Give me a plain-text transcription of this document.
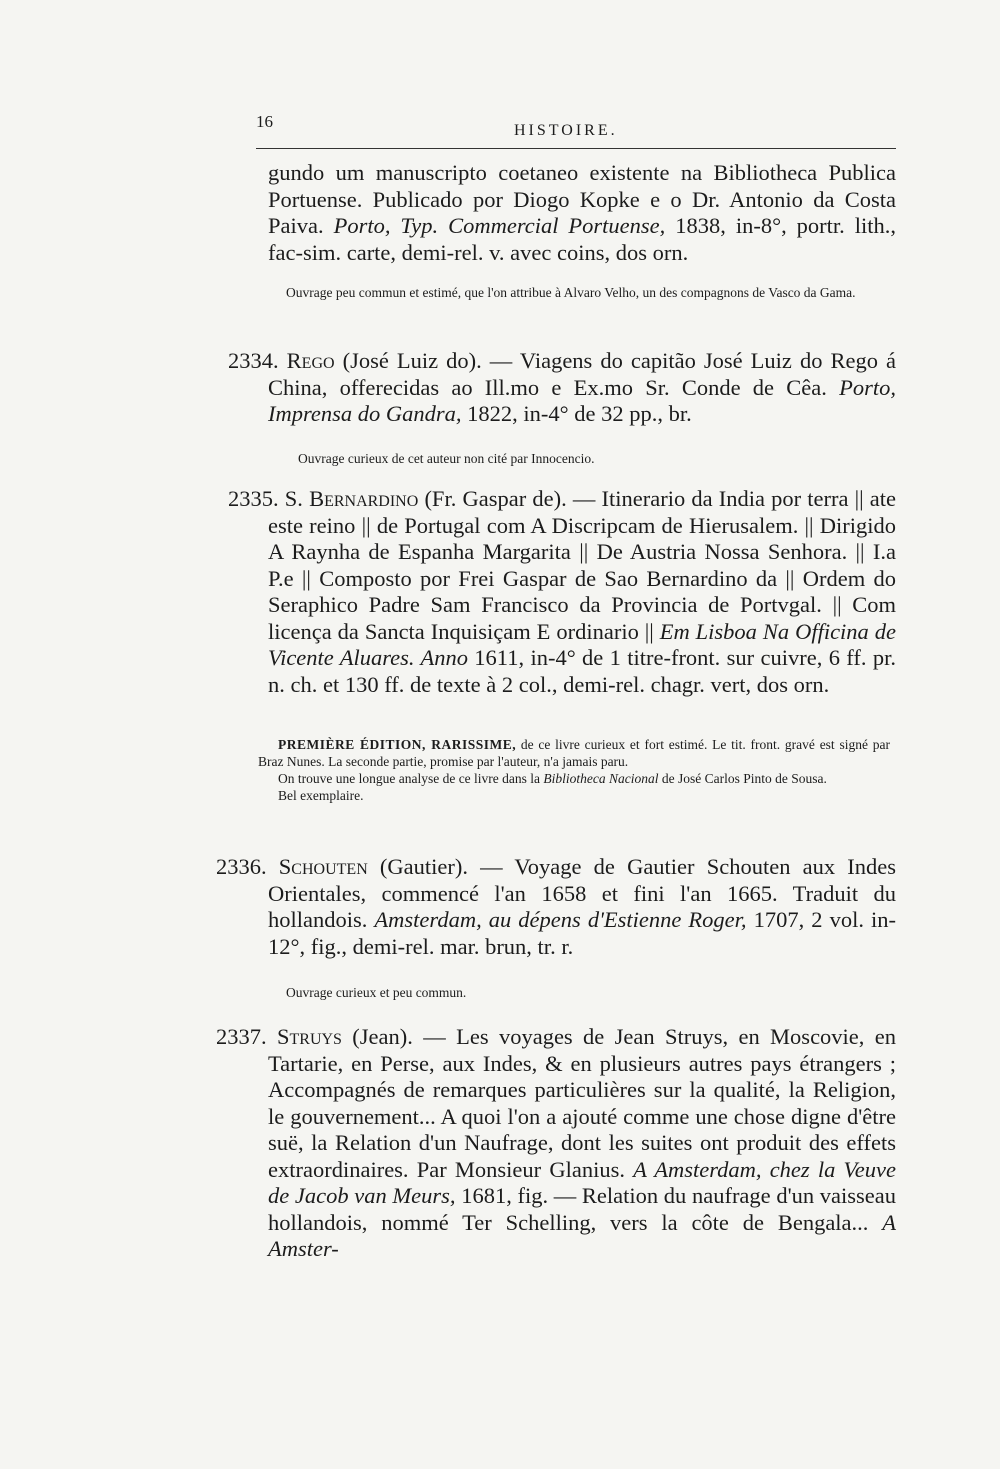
16	HISTOIRE.

gundo um manuscripto coetaneo existente na Bibliotheca Publica Portuense. Publicado por Diogo Kopke e o Dr. Antonio da Costa Paiva. Porto, Typ. Commercial Portuense, 1838, in-8°, portr. lith., fac-sim. carte, demi-rel. v. avec coins, dos orn.

Ouvrage peu commun et estimé, que l'on attribue à Alvaro Velho, un des compagnons de Vasco da Gama.

2334. Rego (José Luiz do). — Viagens do capitão José Luiz do Rego á China, offerecidas ao Ill.mo e Ex.mo Sr. Conde de Cêa. Porto, Imprensa do Gandra, 1822, in-4° de 32 pp., br.

Ouvrage curieux de cet auteur non cité par Innocencio.

2335. S. Bernardino (Fr. Gaspar de). — Itinerario da India por terra || ate este reino || de Portugal com A Discripcam de Hierusalem. || Dirigido A Raynha de Espanha Margarita || De Austria Nossa Senhora. || I.a P.e || Composto por Frei Gaspar de Sao Bernardino da || Ordem do Seraphico Padre Sam Francisco da Provincia de Portvgal. || Com licença da Sancta Inquisiçam E ordinario || Em Lisboa Na Officina de Vicente Aluares. Anno 1611, in-4° de 1 titre-front. sur cuivre, 6 ff. pr. n. ch. et 130 ff. de texte à 2 col., demi-rel. chagr. vert, dos orn.

PREMIÈRE ÉDITION, RARISSIME, de ce livre curieux et fort estimé. Le tit. front. gravé est signé par Braz Nunes. La seconde partie, promise par l'auteur, n'a jamais paru.

On trouve une longue analyse de ce livre dans la Bibliotheca Nacional de José Carlos Pinto de Sousa.

Bel exemplaire.

2336. Schouten (Gautier). — Voyage de Gautier Schouten aux Indes Orientales, commencé l'an 1658 et fini l'an 1665. Traduit du hollandois. Amsterdam, au dépens d'Estienne Roger, 1707, 2 vol. in-12°, fig., demi-rel. mar. brun, tr. r.

Ouvrage curieux et peu commun.

2337. Struys (Jean). — Les voyages de Jean Struys, en Moscovie, en Tartarie, en Perse, aux Indes, & en plusieurs autres pays étrangers ; Accompagnés de remarques particulières sur la qualité, la Religion, le gouvernement... A quoi l'on a ajouté comme une chose digne d'être suë, la Relation d'un Naufrage, dont les suites ont produit des effets extraordinaires. Par Monsieur Glanius. A Amsterdam, chez la Veuve de Jacob van Meurs, 1681, fig. — Relation du naufrage d'un vaisseau hollandois, nommé Ter Schelling, vers la côte de Bengala... A Amster-
